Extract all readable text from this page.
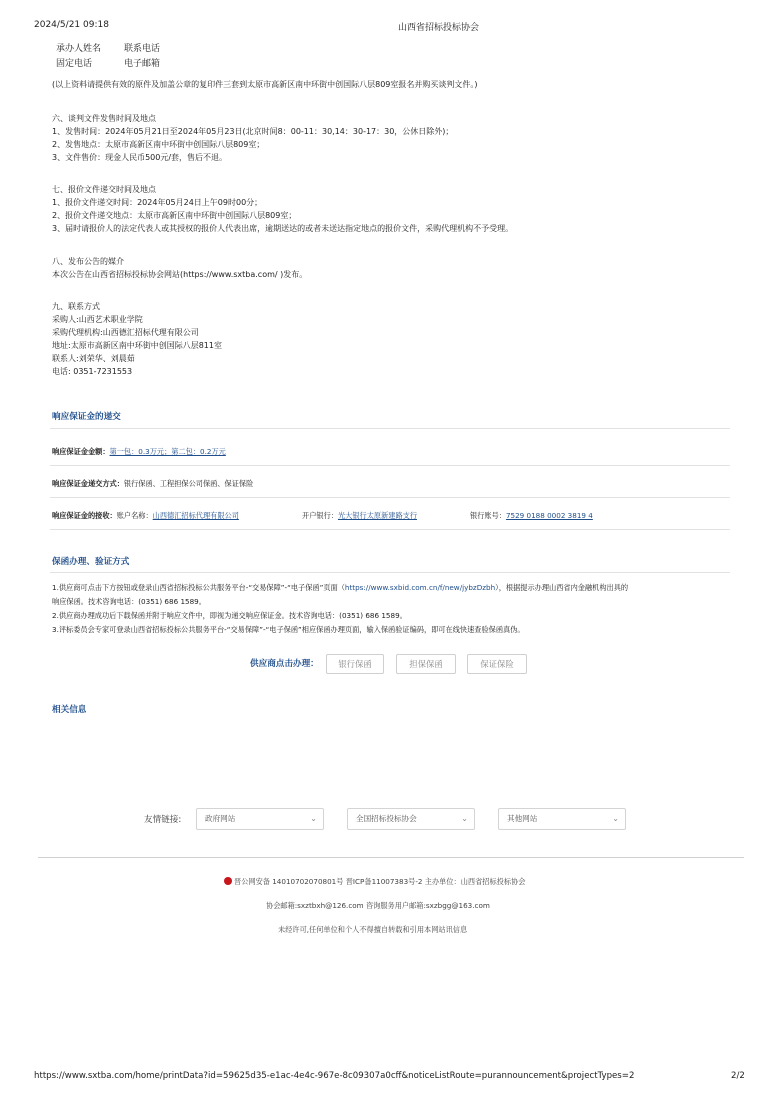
2024/5/21 09:18	山西省招标投标协会
承办人姓名	联系电话
固定电话	电子邮箱
(以上资料请提供有效的原件及加盖公章的复印件三套到太原市高新区南中环街中创国际八层809室报名并购买谈判文件。)
六、谈判文件发售时间及地点
1、发售时间：2024年05月21日至2024年05月23日(北京时间8：00-11：30,14：30-17：30，公休日除外)；
2、发售地点：太原市高新区南中环街中创国际八层809室；
3、文件售价：现金人民币500元/套，售后不退。
七、报价文件递交时间及地点
1、报价文件递交时间：2024年05月24日上午09时00分；
2、报价文件递交地点：太原市高新区南中环街中创国际八层809室；
3、届时请报价人的法定代表人或其授权的报价人代表出席，逾期送达的或者未送达指定地点的报价文件，采购代理机构不予受理。
八、发布公告的媒介
本次公告在山西省招标投标协会网站(https://www.sxtba.com/ )发布。
九、联系方式
采购人:山西艺术职业学院
采购代理机构:山西德汇招标代理有限公司
地址:太原市高新区南中环街中创国际八层811室
联系人:刘荣华、刘晨茹
电话: 0351-7231553
响应保证金的递交
响应保证金金额：第一包：0.3万元；第二包：0.2万元
响应保证金递交方式：银行保函、工程担保公司保函、保证保险
响应保证金的接收：账户名称：山西德汇招标代理有限公司	开户银行：光大银行太原新建路支行	银行账号：7529 0188 0002 3819 4
保函办理、验证方式
1.供应商可点击下方按钮或登录山西省招标投标公共服务平台-“交易保障”-“电子保函”页面（https://www.sxbid.com.cn/f/new/jybzDzbh），根据提示办理山西省内金融机构出具的
响应保函。技术咨询电话：(0351) 686 1589。
2.供应商办理成功后下载保函并附于响应文件中，即视为递交响应保证金。技术咨询电话：(0351) 686 1589。
3.评标委员会专家可登录山西省招标投标公共服务平台-“交易保障”-“电子保函”相应保函办理页面，输入保函验证编码，即可在线快速查验保函真伪。
供应商点击办理：	银行保函	担保保函	保证保险
相关信息
友情链接:	政府网站	⌄	全国招标投标协会	⌄	其他网站	⌄
晋公网安备 14010702070801号 晋ICP备11007383号-2 主办单位：山西省招标投标协会
协会邮箱:sxztbxh@126.com 咨询服务用户邮箱:sxzbgg@163.com
未经许可,任何单位和个人不得擅自转载和引用本网站讯信息
https://www.sxtba.com/home/printData?id=59625d35-e1ac-4e4c-967e-8c09307a0cff&noticeListRoute=purannouncement&projectTypes=2	2/2
